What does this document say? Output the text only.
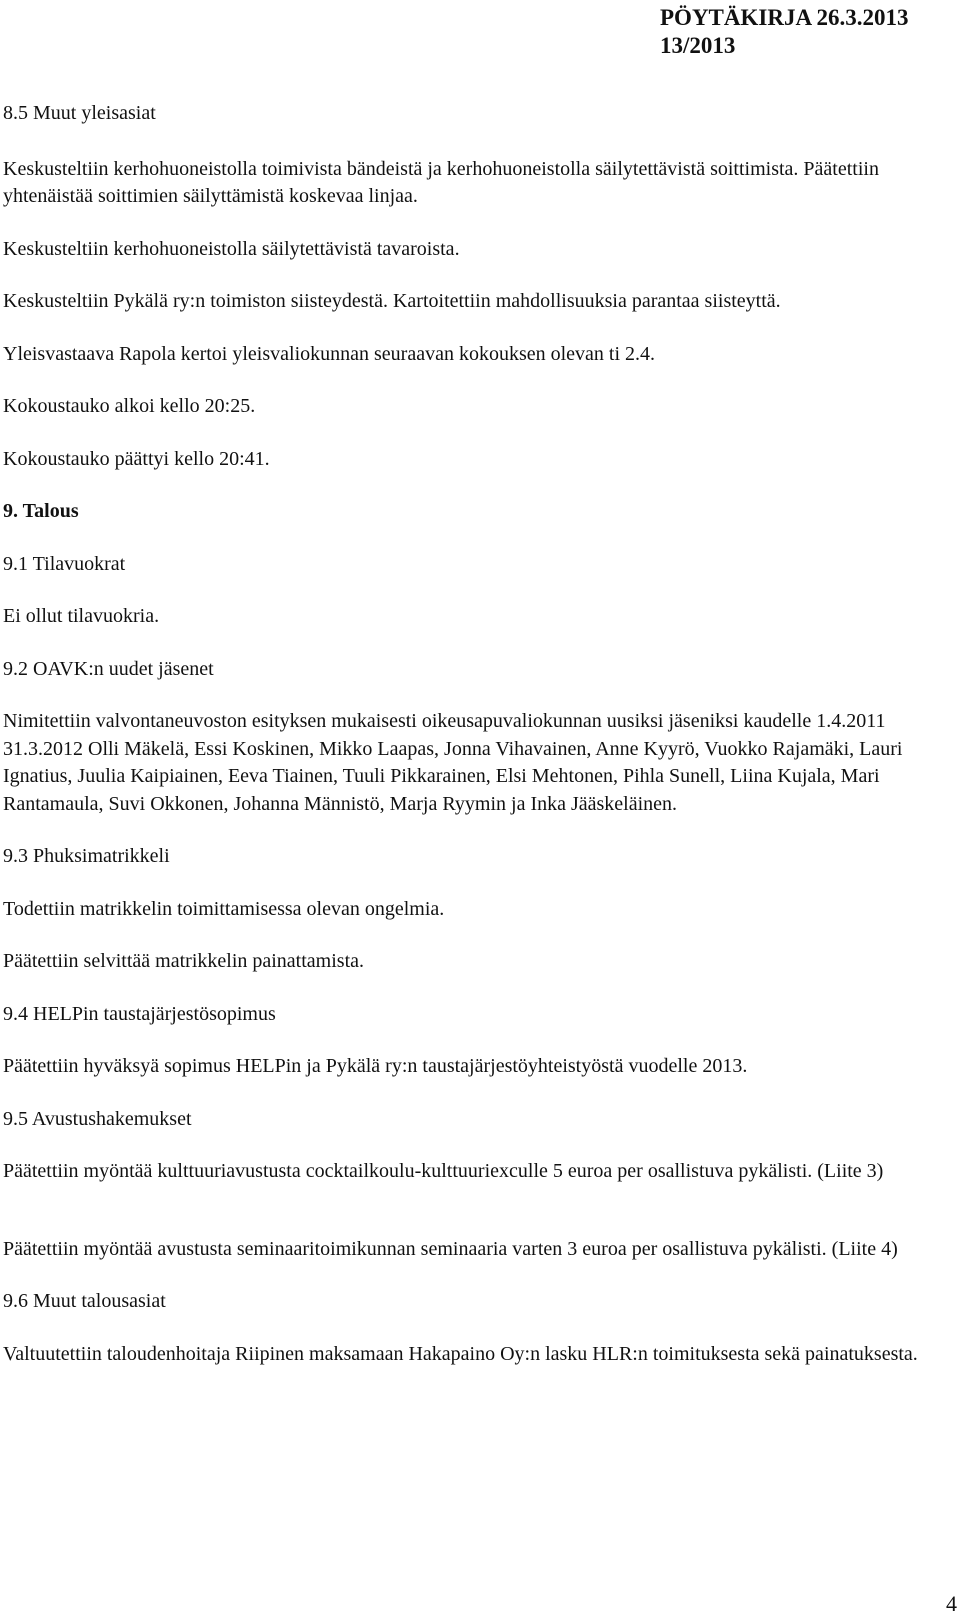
PÖYTÄKIRJA 26.3.2013
13/2013

8.5 Muut yleisasiat

Keskusteltiin kerhohuoneistolla toimivista bändeistä ja kerhohuoneistolla säilytettävistä soittimista. Päätettiin yhtenäistää soittimien säilyttämistä koskevaa linjaa.

Keskusteltiin kerhohuoneistolla säilytettävistä tavaroista.

Keskusteltiin Pykälä ry:n toimiston siisteydestä. Kartoitettiin mahdollisuuksia parantaa siisteyttä.

Yleisvastaava Rapola kertoi yleisvaliokunnan seuraavan kokouksen olevan ti 2.4.

Kokoustauko alkoi kello 20:25.

Kokoustauko päättyi kello 20:41.

9. Talous

9.1 Tilavuokrat

Ei ollut tilavuokria.

9.2 OAVK:n uudet jäsenet

Nimitettiin valvontaneuvoston esityksen mukaisesti oikeusapuvaliokunnan uusiksi jäseniksi kaudelle 1.4.2011 31.3.2012 Olli Mäkelä, Essi Koskinen, Mikko Laapas, Jonna Vihavainen, Anne Kyyrö, Vuokko Rajamäki, Lauri Ignatius, Juulia Kaipiainen, Eeva Tiainen, Tuuli Pikkarainen, Elsi Mehtonen, Pihla Sunell, Liina Kujala, Mari Rantamaula, Suvi Okkonen, Johanna Männistö, Marja Ryymin ja Inka Jääskeläinen.

9.3 Phuksimatrikkeli

Todettiin matrikkelin toimittamisessa olevan ongelmia.

Päätettiin selvittää matrikkelin painattamista.

9.4 HELPin taustajärjestösopimus

Päätettiin hyväksyä sopimus HELPin ja Pykälä ry:n taustajärjestöyhteistyöstä vuodelle 2013.

9.5 Avustushakemukset

Päätettiin myöntää kulttuuriavustusta cocktailkoulu-kulttuuriexculle 5 euroa per osallistuva pykälisti. (Liite 3)

Päätettiin myöntää avustusta seminaaritoimikunnan seminaaria varten 3 euroa per osallistuva pykälisti. (Liite 4)

9.6 Muut talousasiat

Valtuutettiin taloudenhoitaja Riipinen maksamaan Hakapaino Oy:n lasku HLR:n toimituksesta sekä painatuksesta.

4
